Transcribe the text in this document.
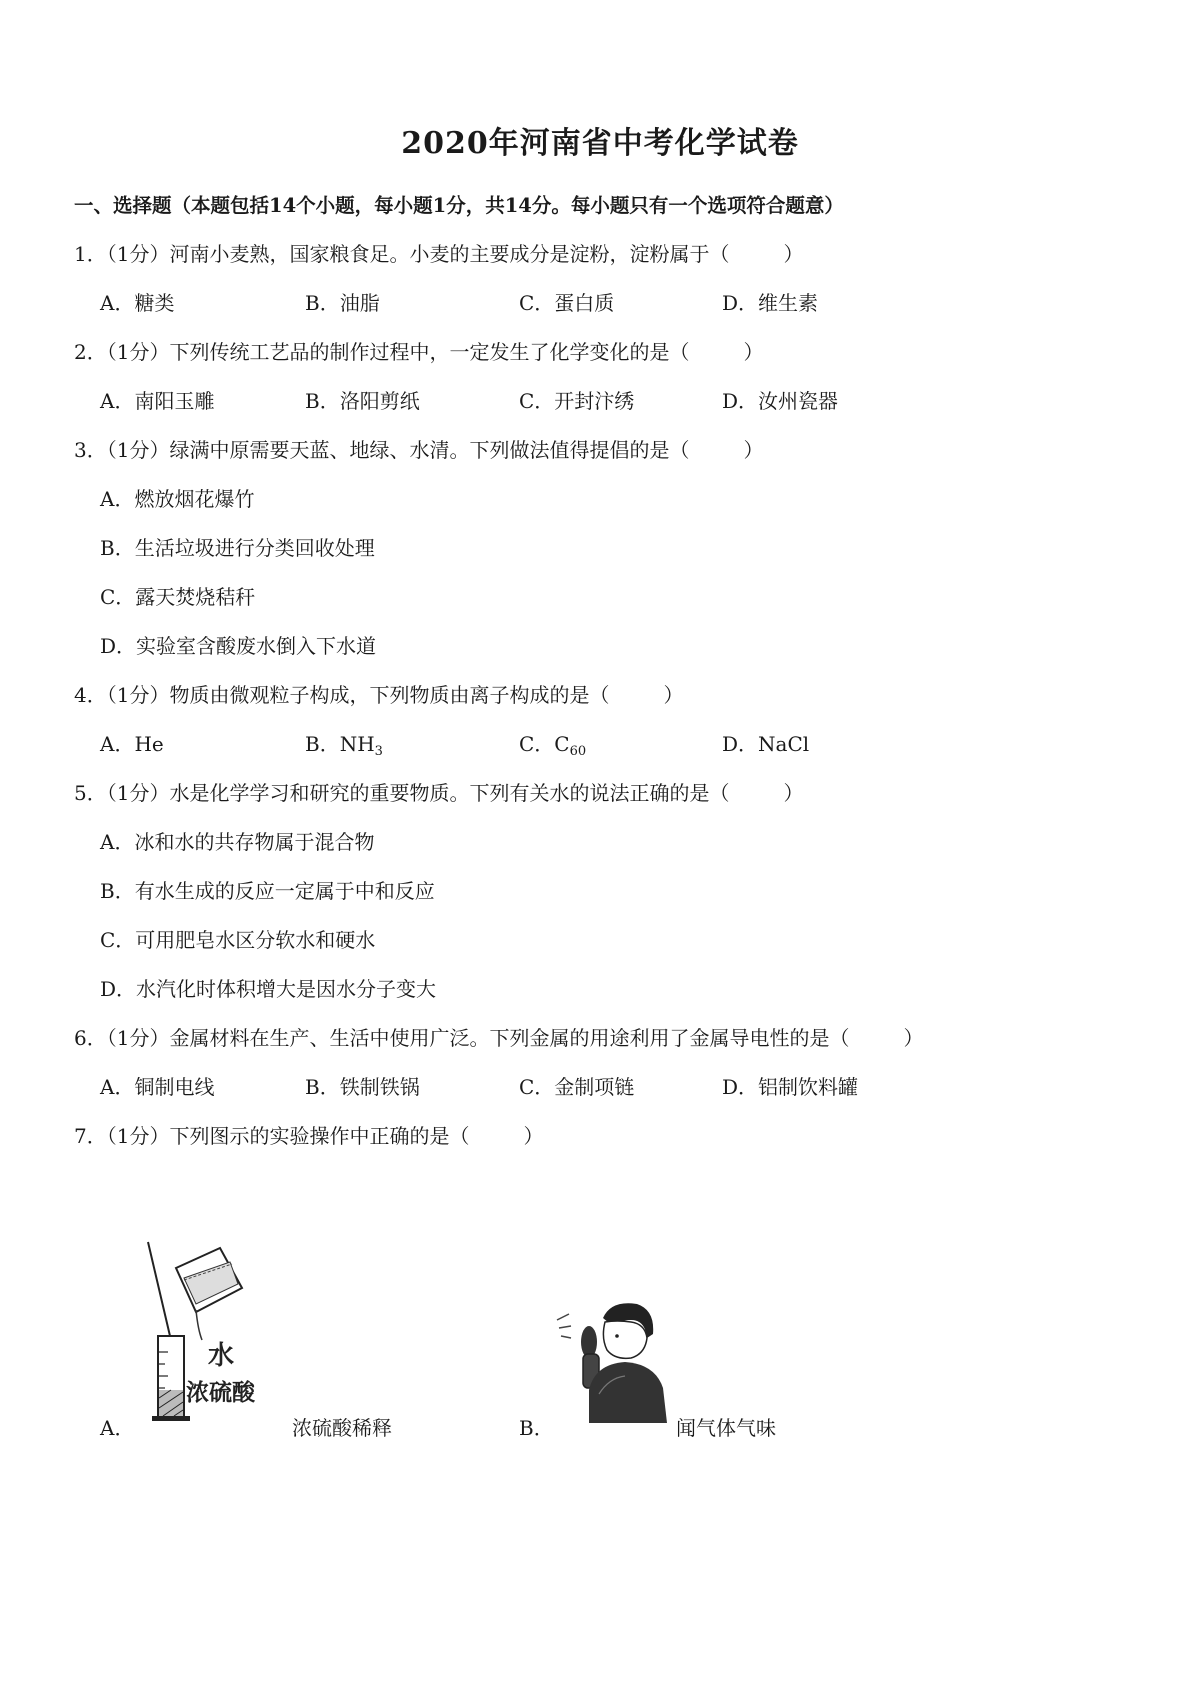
2020年河南省中考化学试卷
一、选择题（本题包括14个小题，每小题1分，共14分。每小题只有一个选项符合题意）
1．（1分）河南小麦熟，国家粮食足。小麦的主要成分是淀粉，淀粉属于（	）
A．糖类	B．油脂	C．蛋白质	D．维生素
2．（1分）下列传统工艺品的制作过程中，一定发生了化学变化的是（	）
A．南阳玉雕	B．洛阳剪纸	C．开封汴绣	D．汝州瓷器
3．（1分）绿满中原需要天蓝、地绿、水清。下列做法值得提倡的是（	）
A．燃放烟花爆竹
B．生活垃圾进行分类回收处理
C．露天焚烧秸秆
D．实验室含酸废水倒入下水道
4．（1分）物质由微观粒子构成，下列物质由离子构成的是（	）
A．He	B．$NH_3$	C．$C_{60}$	D．NaCl
5．（1分）水是化学学习和研究的重要物质。下列有关水的说法正确的是（	）
A．冰和水的共存物属于混合物
B．有水生成的反应一定属于中和反应
C．可用肥皂水区分软水和硬水
D．水汽化时体积增大是因水分子变大
6．（1分）金属材料在生产、生活中使用广泛。下列金属的用途利用了金属导电性的是（	）
A．铜制电线	B．铁制铁锅	C．金制项链	D．铝制饮料罐
7．（1分）下列图示的实验操作中正确的是（	）
A．
水
浓硫酸
浓硫酸稀释	B．	闻气体气味
